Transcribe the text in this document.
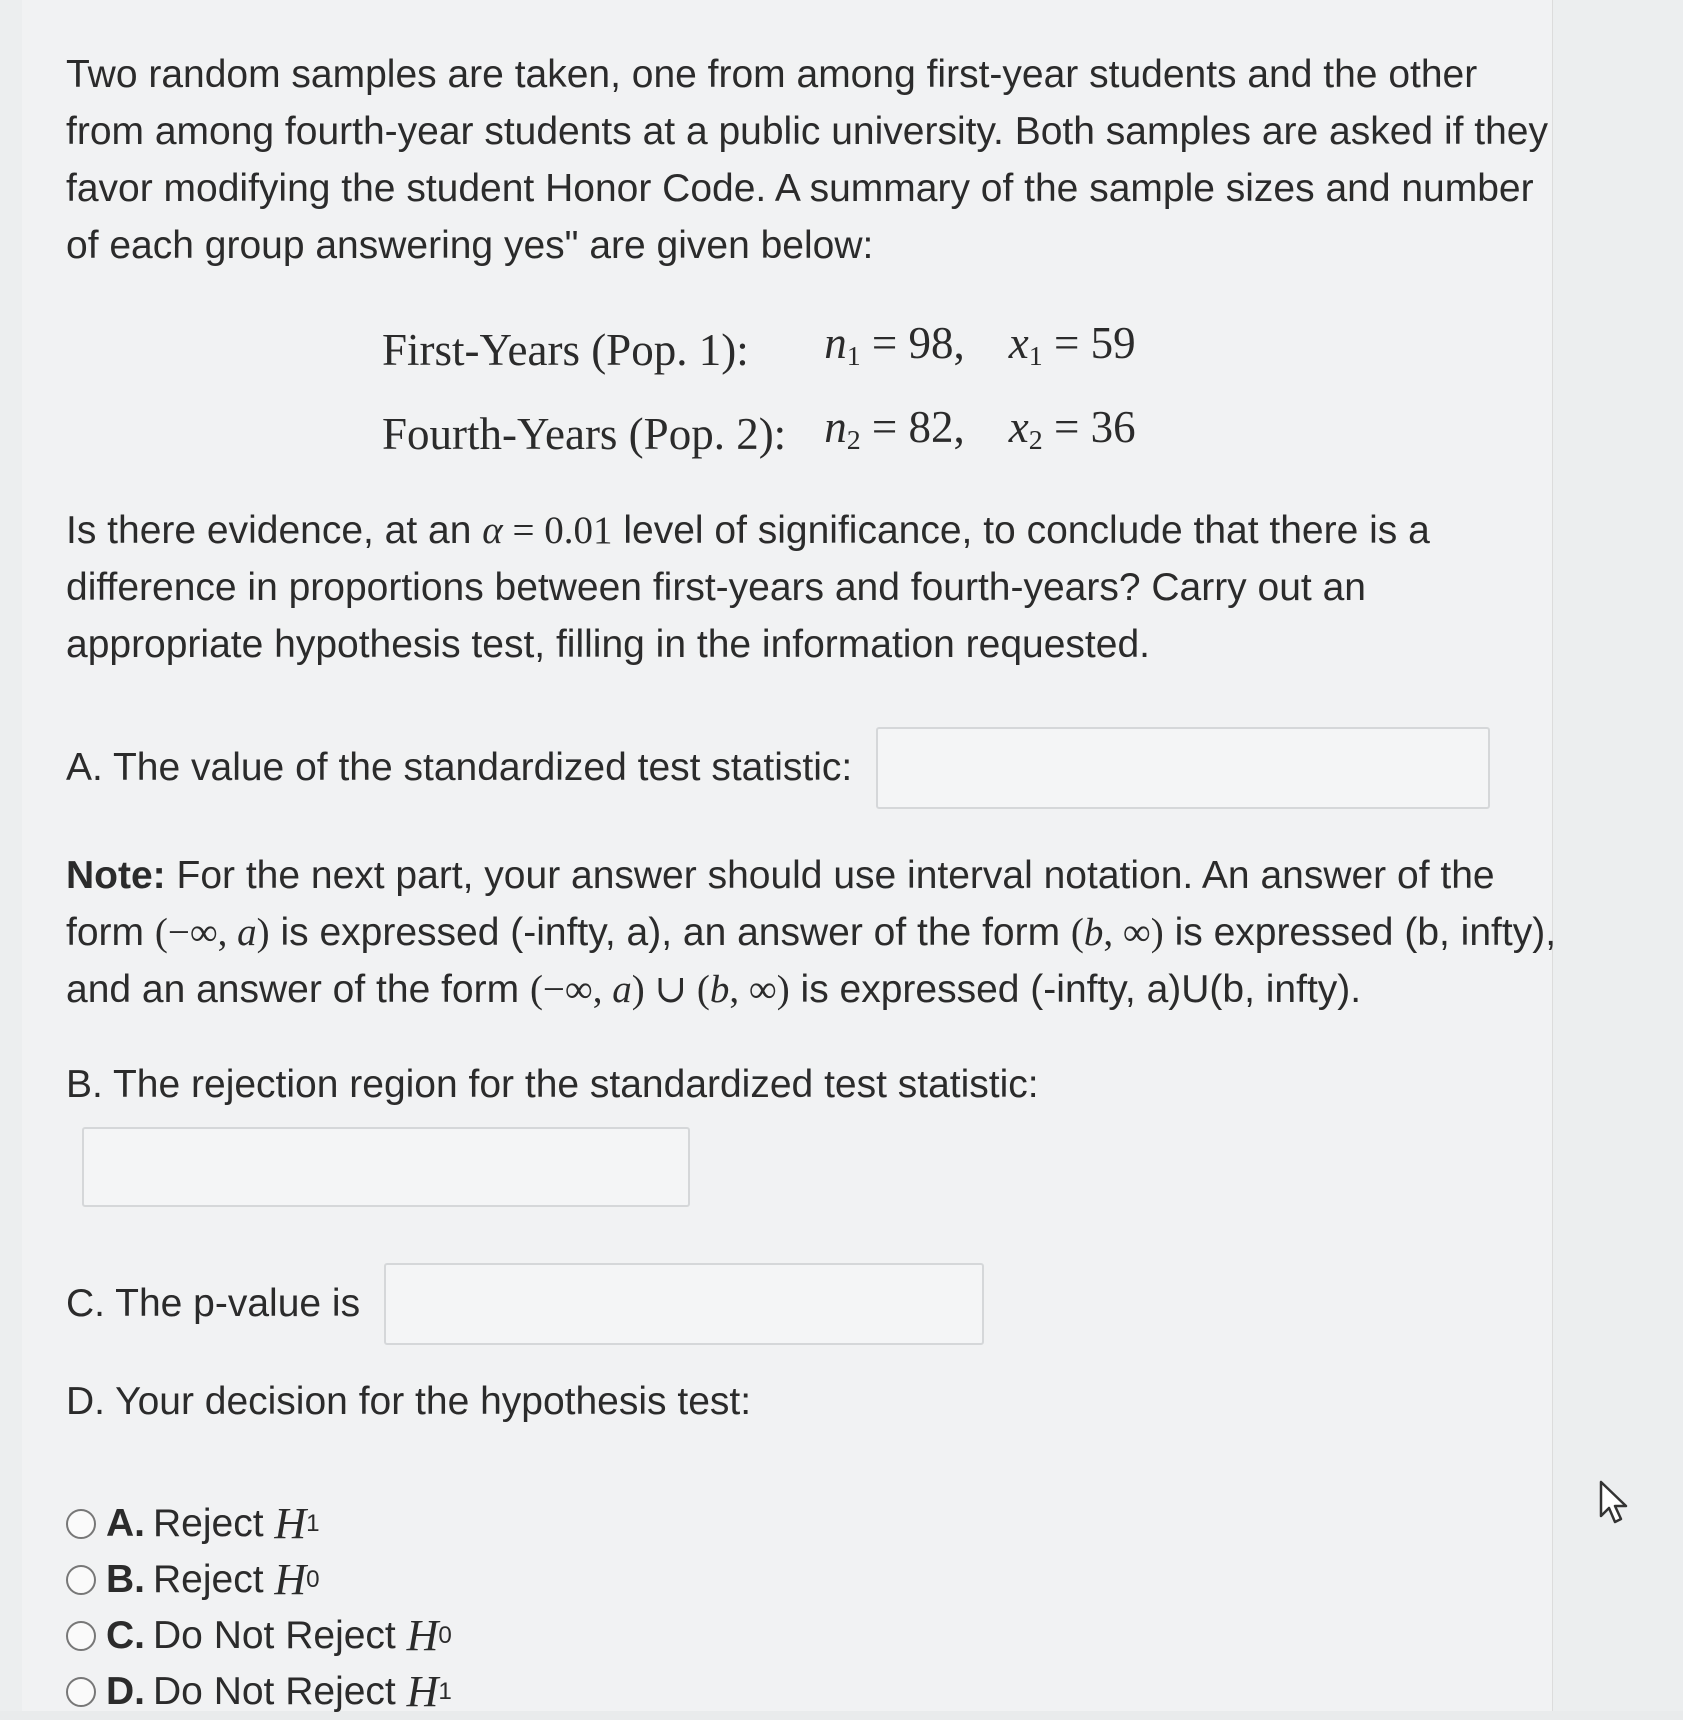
Two random samples are taken, one from among first-year students and the other from among fourth-year students at a public university. Both samples are asked if they favor modifying the student Honor Code. A summary of the sample sizes and number of each group answering yes" are given below:

First-Years (Pop. 1):	$n_1 = 98$,	$x_1 = 59$
Fourth-Years (Pop. 2):	$n_2 = 82$,	$x_2 = 36$

Is there evidence, at an α = 0.01 level of significance, to conclude that there is a difference in proportions between first-years and fourth-years? Carry out an appropriate hypothesis test, filling in the information requested.

A. The value of the standardized test statistic:

Note: For the next part, your answer should use interval notation. An answer of the form (−∞, a) is expressed (-infty, a), an answer of the form (b, ∞) is expressed (b, infty), and an answer of the form (−∞, a) ∪ (b, ∞) is expressed (-infty, a)U(b, infty).

B. The rejection region for the standardized test statistic:
C. The p-value is
D. Your decision for the hypothesis test:
A. Reject
H 1
B. Reject
H 0
C. Do Not Reject
H 0
D. Do Not Reject
H 1
